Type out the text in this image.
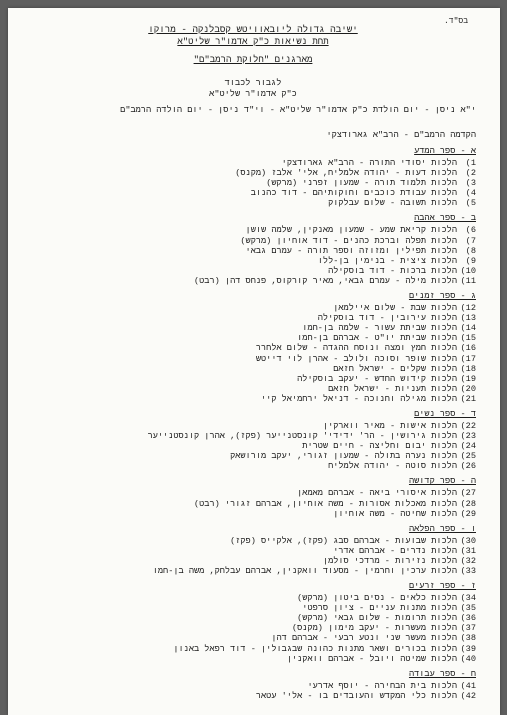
בס"ד.
ישיבה גדולה ליובאוויטש קסבלנקה - מרוקו
תחת נשיאות כ"ק אדמו"ר שליט"א
מארגנים "חלוקת הרמב"ם"
לגבור לכבוד
כ"ק אדמו"ר שליט"א
י"א ניסן - יום הולדת כ"ק אדמו"ר שליט"א - וי"ד ניסן - יום הולדה הרמב"ם
הקדמה הרמב"ם - הרב"א גארודצקי
א - ספר המדע
1)
הלכות יסודי התורה - הרב"א גארודצקי
2)
הלכות דעות - יהודה אלמליח, אלי' אלבז (מקנס)
3)
הלכות תלמוד תורה - שמעון זפרני (מרקש)
4)
הלכות עבודת כוכבים וחוקותיהם - דוד כהנוב
5)
הלכות תשובה - שלום עבלקוק
ב - ספר אהבה
6)
הלכות קריאת שמע - שמעון מאנקין, שלמה שושן
7)
הלכות תפלה וברכת כהנים - דוד אוחיון (מרקש)
8)
הלכות תפילין ומזוזה וספר תורה - עמרם גבאי
9)
הלכות ציצית - בנימין בן-ללו
10)
הלכות ברכות - דוד בוסקילה
11)
הלכות מילה - עמרם גבאי, מאיר קורקוס, פנחס דהן (רבט)
ג - ספר זמנים
12)
הלכות שבת - שלום איילמאן
13)
הלכות עירובין - דוד בוסקילה
14)
הלכות שביתת עשור - שלמה בן-חמו
15)
הלכות שביתת יו"ט - אברהם בן-חמו
16)
הלכות חמץ ומצה ונוסח ההגדה - שלום אלחרר
17)
הלכות שופר וסוכה ולולב - אהרן לוי דייטש
18)
הלכות שקלים - ישראל חזאם
19)
הלכות קידוש החדש - יעקב בוסקילה
20)
הלכות תעניות - ישראל חזאם
21)
הלכות מגילה וחנוכה - דניאל ירחמיאל קיי
ד - ספר נשים
22)
הלכות אישות - מאיר ווארקין
23)
הלכות גירושין - הר' ידידי' קונסטנייער (פקז), אהרן קונסטנייער
24)
הלכות יבום וחליצה - חיים שטרית
25)
הלכות נערה בתולה - שמעון זגורי, יעקב מורושאק
26)
הלכות סוטה - יהודה אלמליח
ה - ספר קדושה
27)
הלכות איסורי ביאה - אברהם מאמאן
28)
הלכות מאכלות אסורות - משה אוחיון, אברהם זגורי (רבט)
29)
הלכות שחיטה - משה אוחיון
ו - ספר הפלאה
30)
הלכות שבועות - אברהם סבג (פקז), אלקייס (פקז)
31)
הלכות נדרים - אברהם אדרי
32)
הלכות נזירות - מרדכי סולמן
33)
הלכות ערכין וחרמין - מסעוד וואקנין, אברהם עבלחק, משה בן-חמו
ז - ספר זרעים
34)
הלכות כלאים - נסים ביטון (מרקש)
35)
הלכות מתנות עניים - ציון סרפטי
36)
הלכות תרומות - שלום גבאי (מרקש)
37)
הלכות מעשרות - יעקב מימון (מקנס)
38)
הלכות מעשר שני ונטע רבעי - אברהם דהן
39)
הלכות בכורים ושאר מתנות כהונה שבגבולין - דוד רפאל באנון
40)
הלכות שמיטה ויובל - אברהם וואקנין
ח - ספר עבודה
41)
הלכות בית הבחירה - יוסף אדרעי
42)
הלכות כלי המקדש והעובדים בו - אלי' עטאר
